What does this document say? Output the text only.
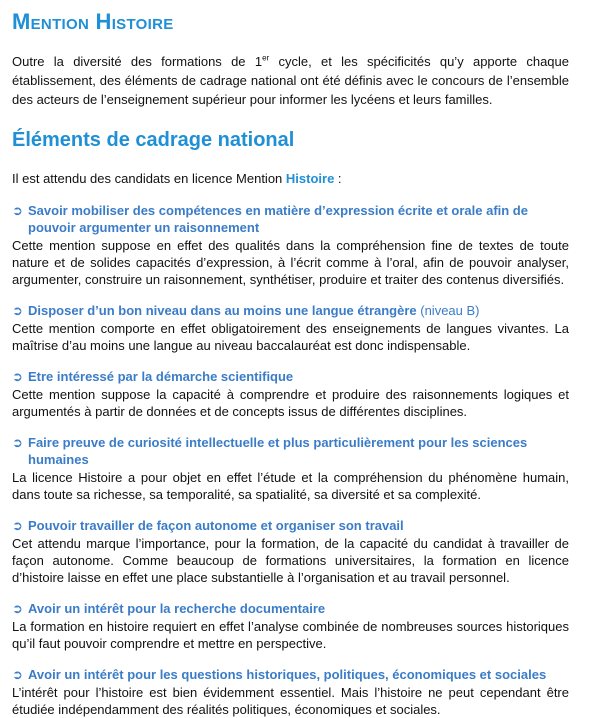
Mention Histoire

Outre la diversité des formations de 1er cycle, et les spécificités qu’y apporte chaque établissement, des éléments de cadrage national ont été définis avec le concours de l’ensemble des acteurs de l’enseignement supérieur pour informer les lycéens et leurs familles.

Éléments de cadrage national

Il est attendu des candidats en licence Mention Histoire :

➲ Savoir mobiliser des compétences en matière d’expression écrite et orale afin de pouvoir argumenter un raisonnement

Cette mention suppose en effet des qualités dans la compréhension fine de textes de toute nature et de solides capacités d’expression, à l’écrit comme à l’oral, afin de pouvoir analyser, argumenter, construire un raisonnement, synthétiser, produire et traiter des contenus diversifiés.

➲ Disposer d’un bon niveau dans au moins une langue étrangère (niveau B)

Cette mention comporte en effet obligatoirement des enseignements de langues vivantes. La maîtrise d’au moins une langue au niveau baccalauréat est donc indispensable.

➲ Etre intéressé par la démarche scientifique

Cette mention suppose la capacité à comprendre et produire des raisonnements logiques et argumentés à partir de données et de concepts issus de différentes disciplines.

➲ Faire preuve de curiosité intellectuelle et plus particulièrement pour les sciences humaines

La licence Histoire a pour objet en effet l’étude et la compréhension du phénomène humain, dans toute sa richesse, sa temporalité, sa spatialité, sa diversité et sa complexité.

➲ Pouvoir travailler de façon autonome et organiser son travail

Cet attendu marque l’importance, pour la formation, de la capacité du candidat à travailler de façon autonome. Comme beaucoup de formations universitaires, la formation en licence d’histoire laisse en effet une place substantielle à l’organisation et au travail personnel.

➲ Avoir un intérêt pour la recherche documentaire

La formation en histoire requiert en effet l’analyse combinée de nombreuses sources historiques qu’il faut pouvoir comprendre et mettre en perspective.

➲ Avoir un intérêt pour les questions historiques, politiques, économiques et sociales

L’intérêt pour l’histoire est bien évidemment essentiel. Mais l’histoire ne peut cependant être étudiée indépendamment des réalités politiques, économiques et sociales.
